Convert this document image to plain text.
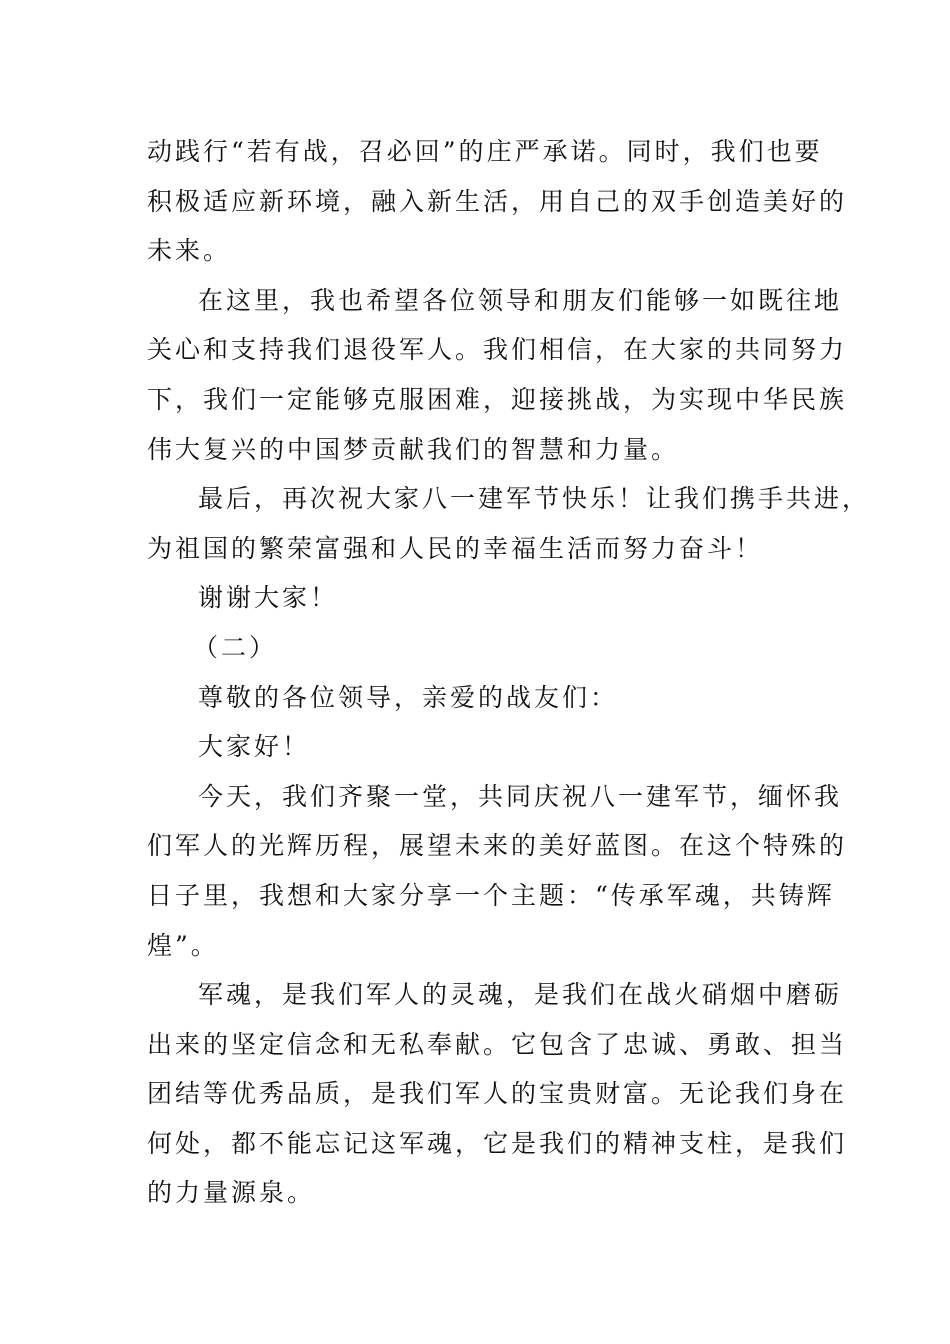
动践行“若有战，召必回”的庄严承诺。同时，我们也要
积极适应新环境，融入新生活，用自己的双手创造美好的
未来。
在这里，我也希望各位领导和朋友们能够一如既往地
关心和支持我们退役军人。我们相信，在大家的共同努力
下，我们一定能够克服困难，迎接挑战，为实现中华民族
伟大复兴的中国梦贡献我们的智慧和力量。
最后，再次祝大家八一建军节快乐！让我们携手共进，
为祖国的繁荣富强和人民的幸福生活而努力奋斗！
谢谢大家！
（二）
尊敬的各位领导，亲爱的战友们：
大家好！
今天，我们齐聚一堂，共同庆祝八一建军节，缅怀我
们军人的光辉历程，展望未来的美好蓝图。在这个特殊的
日子里，我想和大家分享一个主题：“传承军魂，共铸辉
煌”。
军魂，是我们军人的灵魂，是我们在战火硝烟中磨砺
出来的坚定信念和无私奉献。它包含了忠诚、勇敢、担当
团结等优秀品质，是我们军人的宝贵财富。无论我们身在
何处，都不能忘记这军魂，它是我们的精神支柱，是我们
的力量源泉。
